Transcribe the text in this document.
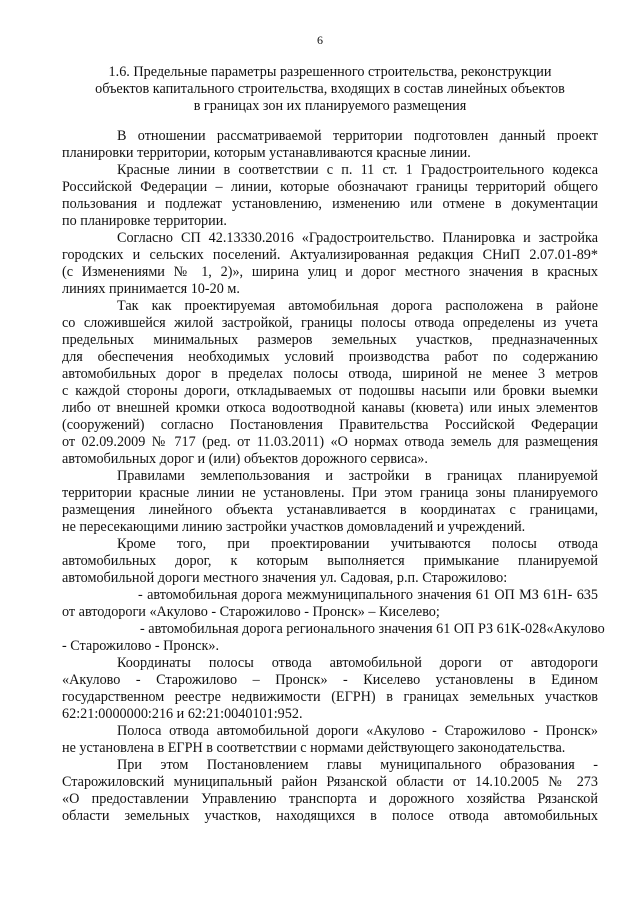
6
1.6. Предельные параметры разрешенного строительства, реконструкции
объектов капитального строительства, входящих в состав линейных объектов
в границах зон их планируемого размещения
В отношении рассматриваемой территории подготовлен данный проект
планировки территории, которым устанавливаются красные линии.
Красные линии в соответствии с п. 11 ст. 1 Градостроительного кодекса
Российской Федерации – линии, которые обозначают границы территорий общего
пользования и подлежат установлению, изменению или отмене в документации
по планировке территории.
Согласно СП 42.13330.2016 «Градостроительство. Планировка и застройка
городских и сельских поселений. Актуализированная редакция СНиП 2.07.01-89*
(с Изменениями № 1, 2)», ширина улиц и дорог местного значения в красных
линиях принимается 10-20 м.
Так как проектируемая автомобильная дорога расположена в районе
со сложившейся жилой застройкой, границы полосы отвода определены из учета
предельных минимальных размеров земельных участков, предназначенных
для обеспечения необходимых условий производства работ по содержанию
автомобильных дорог в пределах полосы отвода, шириной не менее 3 метров
с каждой стороны дороги, откладываемых от подошвы насыпи или бровки выемки
либо от внешней кромки откоса водоотводной канавы (кювета) или иных элементов
(сооружений) согласно Постановления Правительства Российской Федерации
от 02.09.2009 № 717 (ред. от 11.03.2011) «О нормах отвода земель для размещения
автомобильных дорог и (или) объектов дорожного сервиса».
Правилами землепользования и застройки в границах планируемой
территории красные линии не установлены. При этом граница зоны планируемого
размещения линейного объекта устанавливается в координатах с границами,
не пересекающими линию застройки участков домовладений и учреждений.
Кроме того, при проектировании учитываются полосы отвода
автомобильных дорог, к которым выполняется примыкание планируемой
автомобильной дороги местного значения ул. Садовая, р.п. Старожилово:
- автомобильная дорога межмуниципального значения 61 ОП МЗ 61Н- 635
от автодороги «Акулово - Старожилово - Пронск» – Киселево;
- автомобильная дорога регионального значения 61 ОП РЗ 61К-028«Акулово
- Старожилово - Пронск».
Координаты полосы отвода автомобильной дороги от автодороги
«Акулово - Старожилово – Пронск» - Киселево установлены в Едином
государственном реестре недвижимости (ЕГРН) в границах земельных участков
62:21:0000000:216 и 62:21:0040101:952.
Полоса отвода автомобильной дороги «Акулово - Старожилово - Пронск»
не установлена в ЕГРН в соответствии с нормами действующего законодательства.
При этом Постановлением главы муниципального образования -
Старожиловский муниципальный район Рязанской области от 14.10.2005 № 273
«О предоставлении Управлению транспорта и дорожного хозяйства Рязанской
области земельных участков, находящихся в полосе отвода автомобильных
